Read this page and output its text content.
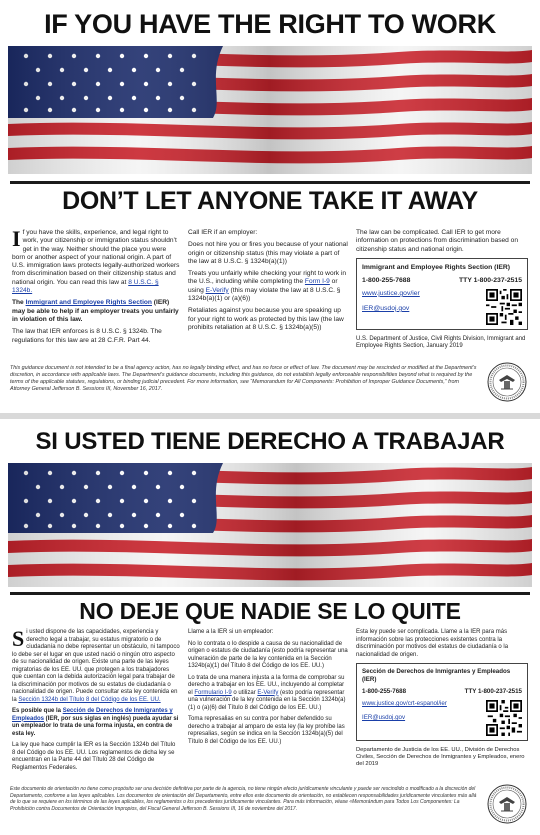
IF YOU HAVE THE RIGHT TO WORK
DON’T LET ANYONE TAKE IT AWAY

If you have the skills, experience, and legal right to work, your citizenship or immigration status shouldn’t get in the way. Neither should the place you were born or another aspect of your national origin. A part of U.S. immigration laws protects legally-authorized workers from discrimination based on their citizenship status and national origin. You can read this law at 8 U.S.C. § 1324b.

The Immigrant and Employee Rights Section (IER) may be able to help if an employer treats you unfairly in violation of this law.

The law that IER enforces is 8 U.S.C. § 1324b. The regulations for this law are at 28 C.F.R. Part 44.

Call IER if an employer:

Does not hire you or fires you because of your national origin or citizenship status (this may violate a part of the law at 8 U.S.C. § 1324b(a)(1))

Treats you unfairly while checking your right to work in the U.S., including while completing the Form I-9 or using E-Verify (this may violate the law at 8 U.S.C. § 1324b(a)(1) or (a)(6))

Retaliates against you because you are speaking up for your right to work as protected by this law (the law prohibits retaliation at 8 U.S.C. § 1324b(a)(5))

The law can be complicated. Call IER to get more information on protections from discrimination based on citizenship status and national origin.

Immigrant and Employee Rights Section (IER)
1-800-255-7688	TTY 1-800-237-2515
www.justice.gov/ier
IER@usdoj.gov

U.S. Department of Justice, Civil Rights Division, Immigrant and Employee Rights Section, January 2019

This guidance document is not intended to be a final agency action, has no legally binding effect, and has no force or effect of law. The document may be rescinded or modified at the Department’s discretion, in accordance with applicable laws. The Department’s guidance documents, including this guidance, do not establish legally enforceable responsibilities beyond what is required by the terms of the applicable statutes, regulations, or binding judicial precedent. For more information, see “Memorandum for All Components: Prohibition of Improper Guidance Documents,” from Attorney General Jefferson B. Sessions III, November 16, 2017.
SI USTED TIENE DERECHO A TRABAJAR
NO DEJE QUE NADIE SE LO QUITE

Si usted dispone de las capacidades, experiencia y derecho legal a trabajar, su estatus migratorio o de ciudadanía no debe representar un obstáculo, ni tampoco lo debe ser el lugar en que usted nació o ningún otro aspecto de su nacionalidad de origen. Existe una parte de las leyes migratorias de los EE. UU. que protegen a los trabajadores que cuentan con la debida autorización legal para trabajar de la discriminación por motivos de su estatus de ciudadanía o nacionalidad de origen. Puede consultar esta ley contenida en la Sección 1324b del Título 8 del Código de los EE. UU.

Es posible que la Sección de Derechos de Inmigrantes y Empleados (IER, por sus siglas en inglés) pueda ayudar si un empleador lo trata de una forma injusta, en contra de esta ley.

La ley que hace cumplir la IER es la Sección 1324b del Título 8 del Código de los EE. UU. Los reglamentos de dicha ley se encuentran en la Parte 44 del Título 28 del Código de Reglamentos Federales.

Llame a la IER si un empleador:

No lo contrata o lo despide a causa de su nacionalidad de origen o estatus de ciudadanía (esto podría representar una vulneración de parte de la ley contenida en la Sección 1324b(a)(1) del Título 8 del Código de los EE. UU.)

Lo trata de una manera injusta a la forma de comprobar su derecho a trabajar en los EE. UU., incluyendo al completar el Formulario I-9 o utilizar E-Verify (esto podría representar una vulneración de la ley contenida en la Sección 1324b(a)(1) o (a)(6) del Título 8 del Código de los EE. UU.)

Toma represalias en su contra por haber defendido su derecho a trabajar al amparo de esta ley (la ley prohíbe las represalias, según se indica en la Sección 1324b(a)(5) del Título 8 del Código de los EE. UU.)

Esta ley puede ser complicada. Llame a la IER para más información sobre las protecciones existentes contra la discriminación por motivos del estatus de ciudadanía o la nacionalidad de origen.

Sección de Derechos de Inmigrantes y Empleados (IER)
1-800-255-7688	TTY 1-800-237-2515
www.justice.gov/crt-espanol/ier
IER@usdoj.gov

Departamento de Justicia de los EE. UU., División de Derechos Civiles, Sección de Derechos de Inmigrantes y Empleados, enero del 2019

Este documento de orientación no tiene como propósito ser una decisión definitiva por parte de la agencia, no tiene ningún efecto jurídicamente vinculante y puede ser rescindido o modificado a la discreción del Departamento, conforme a las leyes aplicables. Los documentos de orientación del Departamento, entre ellos este documento de orientación, no establecen responsabilidades jurídicamente vinculantes más allá de lo que se requiere en los términos de las leyes aplicables, los reglamentos o los precedentes jurídicamente vinculantes. Para más información, véase «Memorándum para Todos Los Componentes: La Prohibición contra Documentos de Orientación Impropios, del Fiscal General Jefferson B. Sessions III, 16 de noviembre del 2017.
